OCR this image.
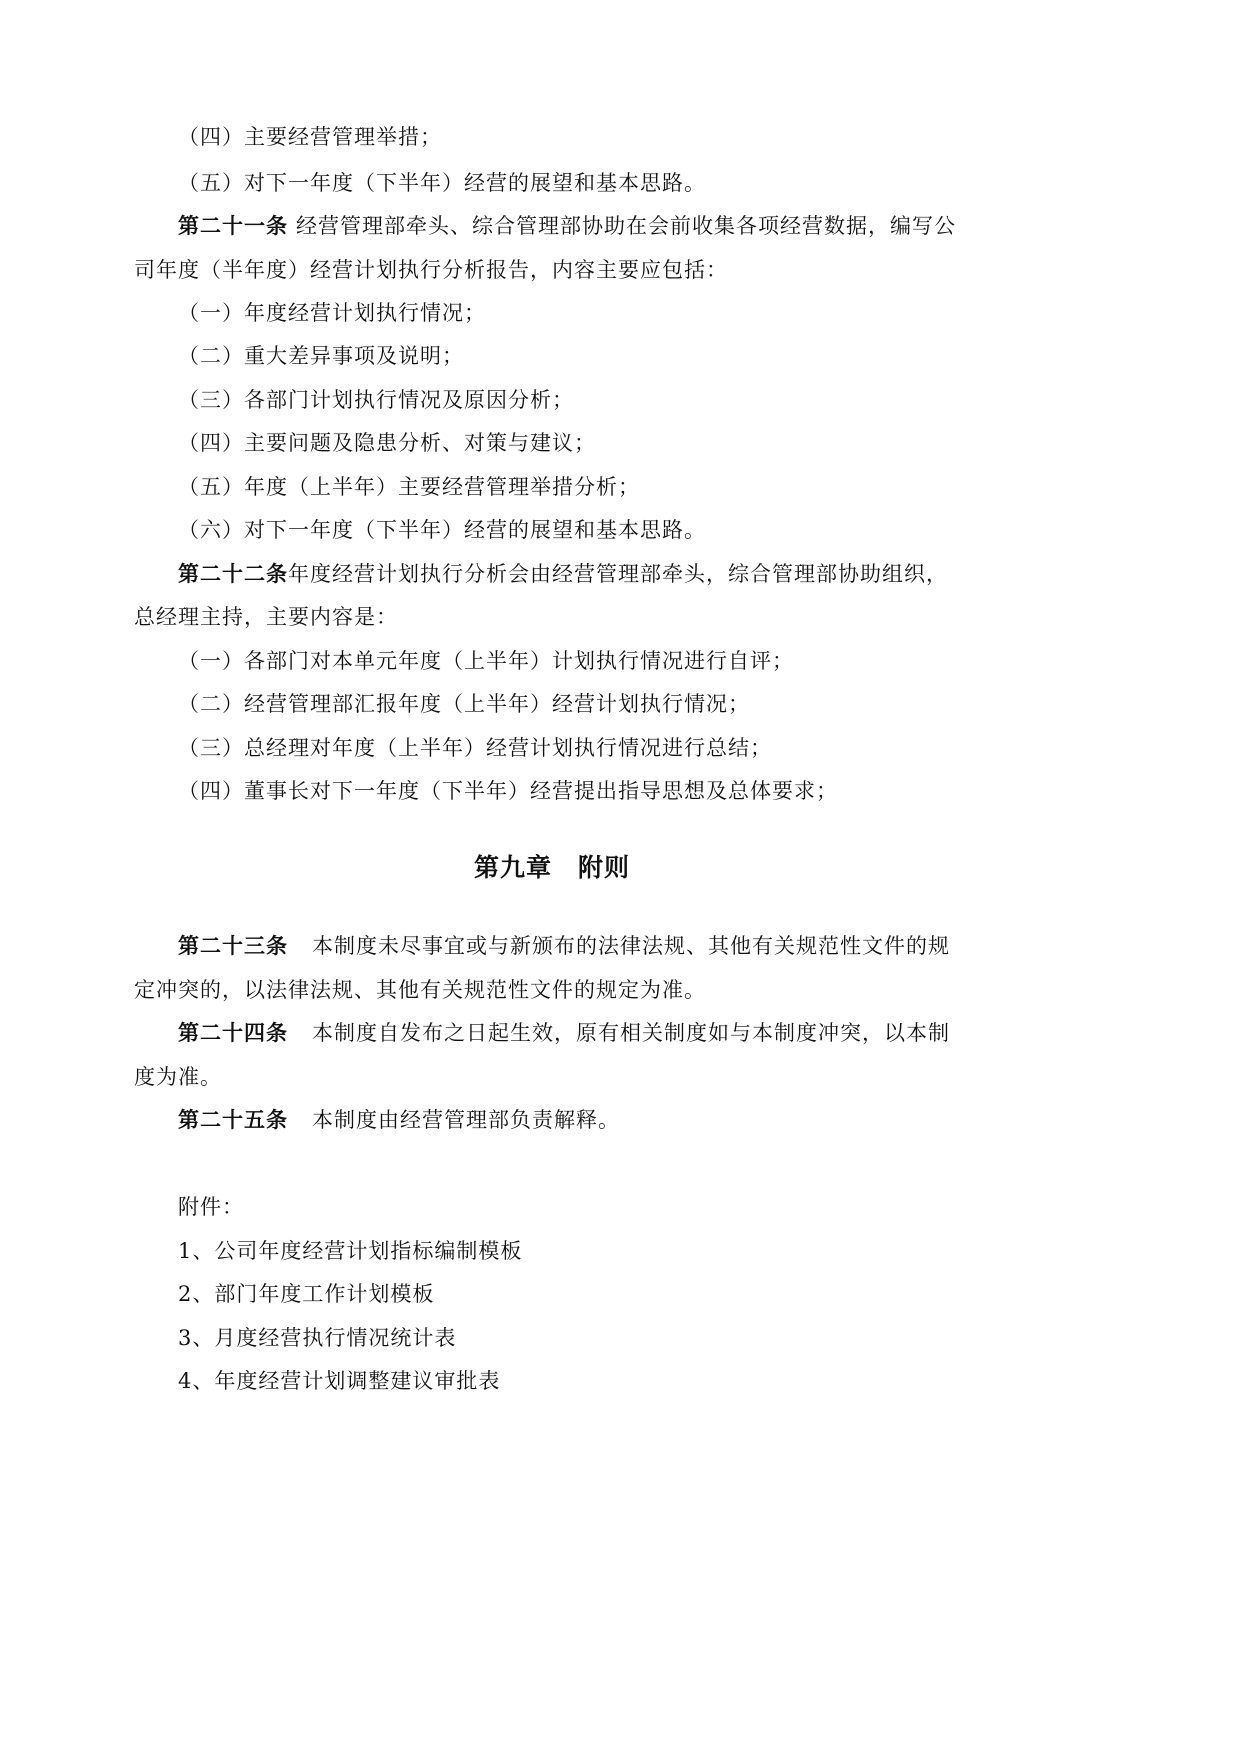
（四）主要经营管理举措；
（五）对下一年度（下半年）经营的展望和基本思路。
第二十一条 经营管理部牵头、综合管理部协助在会前收集各项经营数据，编写公
司年度（半年度）经营计划执行分析报告，内容主要应包括：
（一）年度经营计划执行情况；
（二）重大差异事项及说明；
（三）各部门计划执行情况及原因分析；
（四）主要问题及隐患分析、对策与建议；
（五）年度（上半年）主要经营管理举措分析；
（六）对下一年度（下半年）经营的展望和基本思路。
第二十二条年度经营计划执行分析会由经营管理部牵头，综合管理部协助组织，
总经理主持，主要内容是：
（一）各部门对本单元年度（上半年）计划执行情况进行自评；
（二）经营管理部汇报年度（上半年）经营计划执行情况；
（三）总经理对年度（上半年）经营计划执行情况进行总结；
（四）董事长对下一年度（下半年）经营提出指导思想及总体要求；
第九章　附则
第二十三条 本制度未尽事宜或与新颁布的法律法规、其他有关规范性文件的规
定冲突的，以法律法规、其他有关规范性文件的规定为准。
第二十四条 本制度自发布之日起生效，原有相关制度如与本制度冲突，以本制
度为准。
第二十五条 本制度由经营管理部负责解释。
附件：
1、公司年度经营计划指标编制模板
2、部门年度工作计划模板
3、月度经营执行情况统计表
4、年度经营计划调整建议审批表
